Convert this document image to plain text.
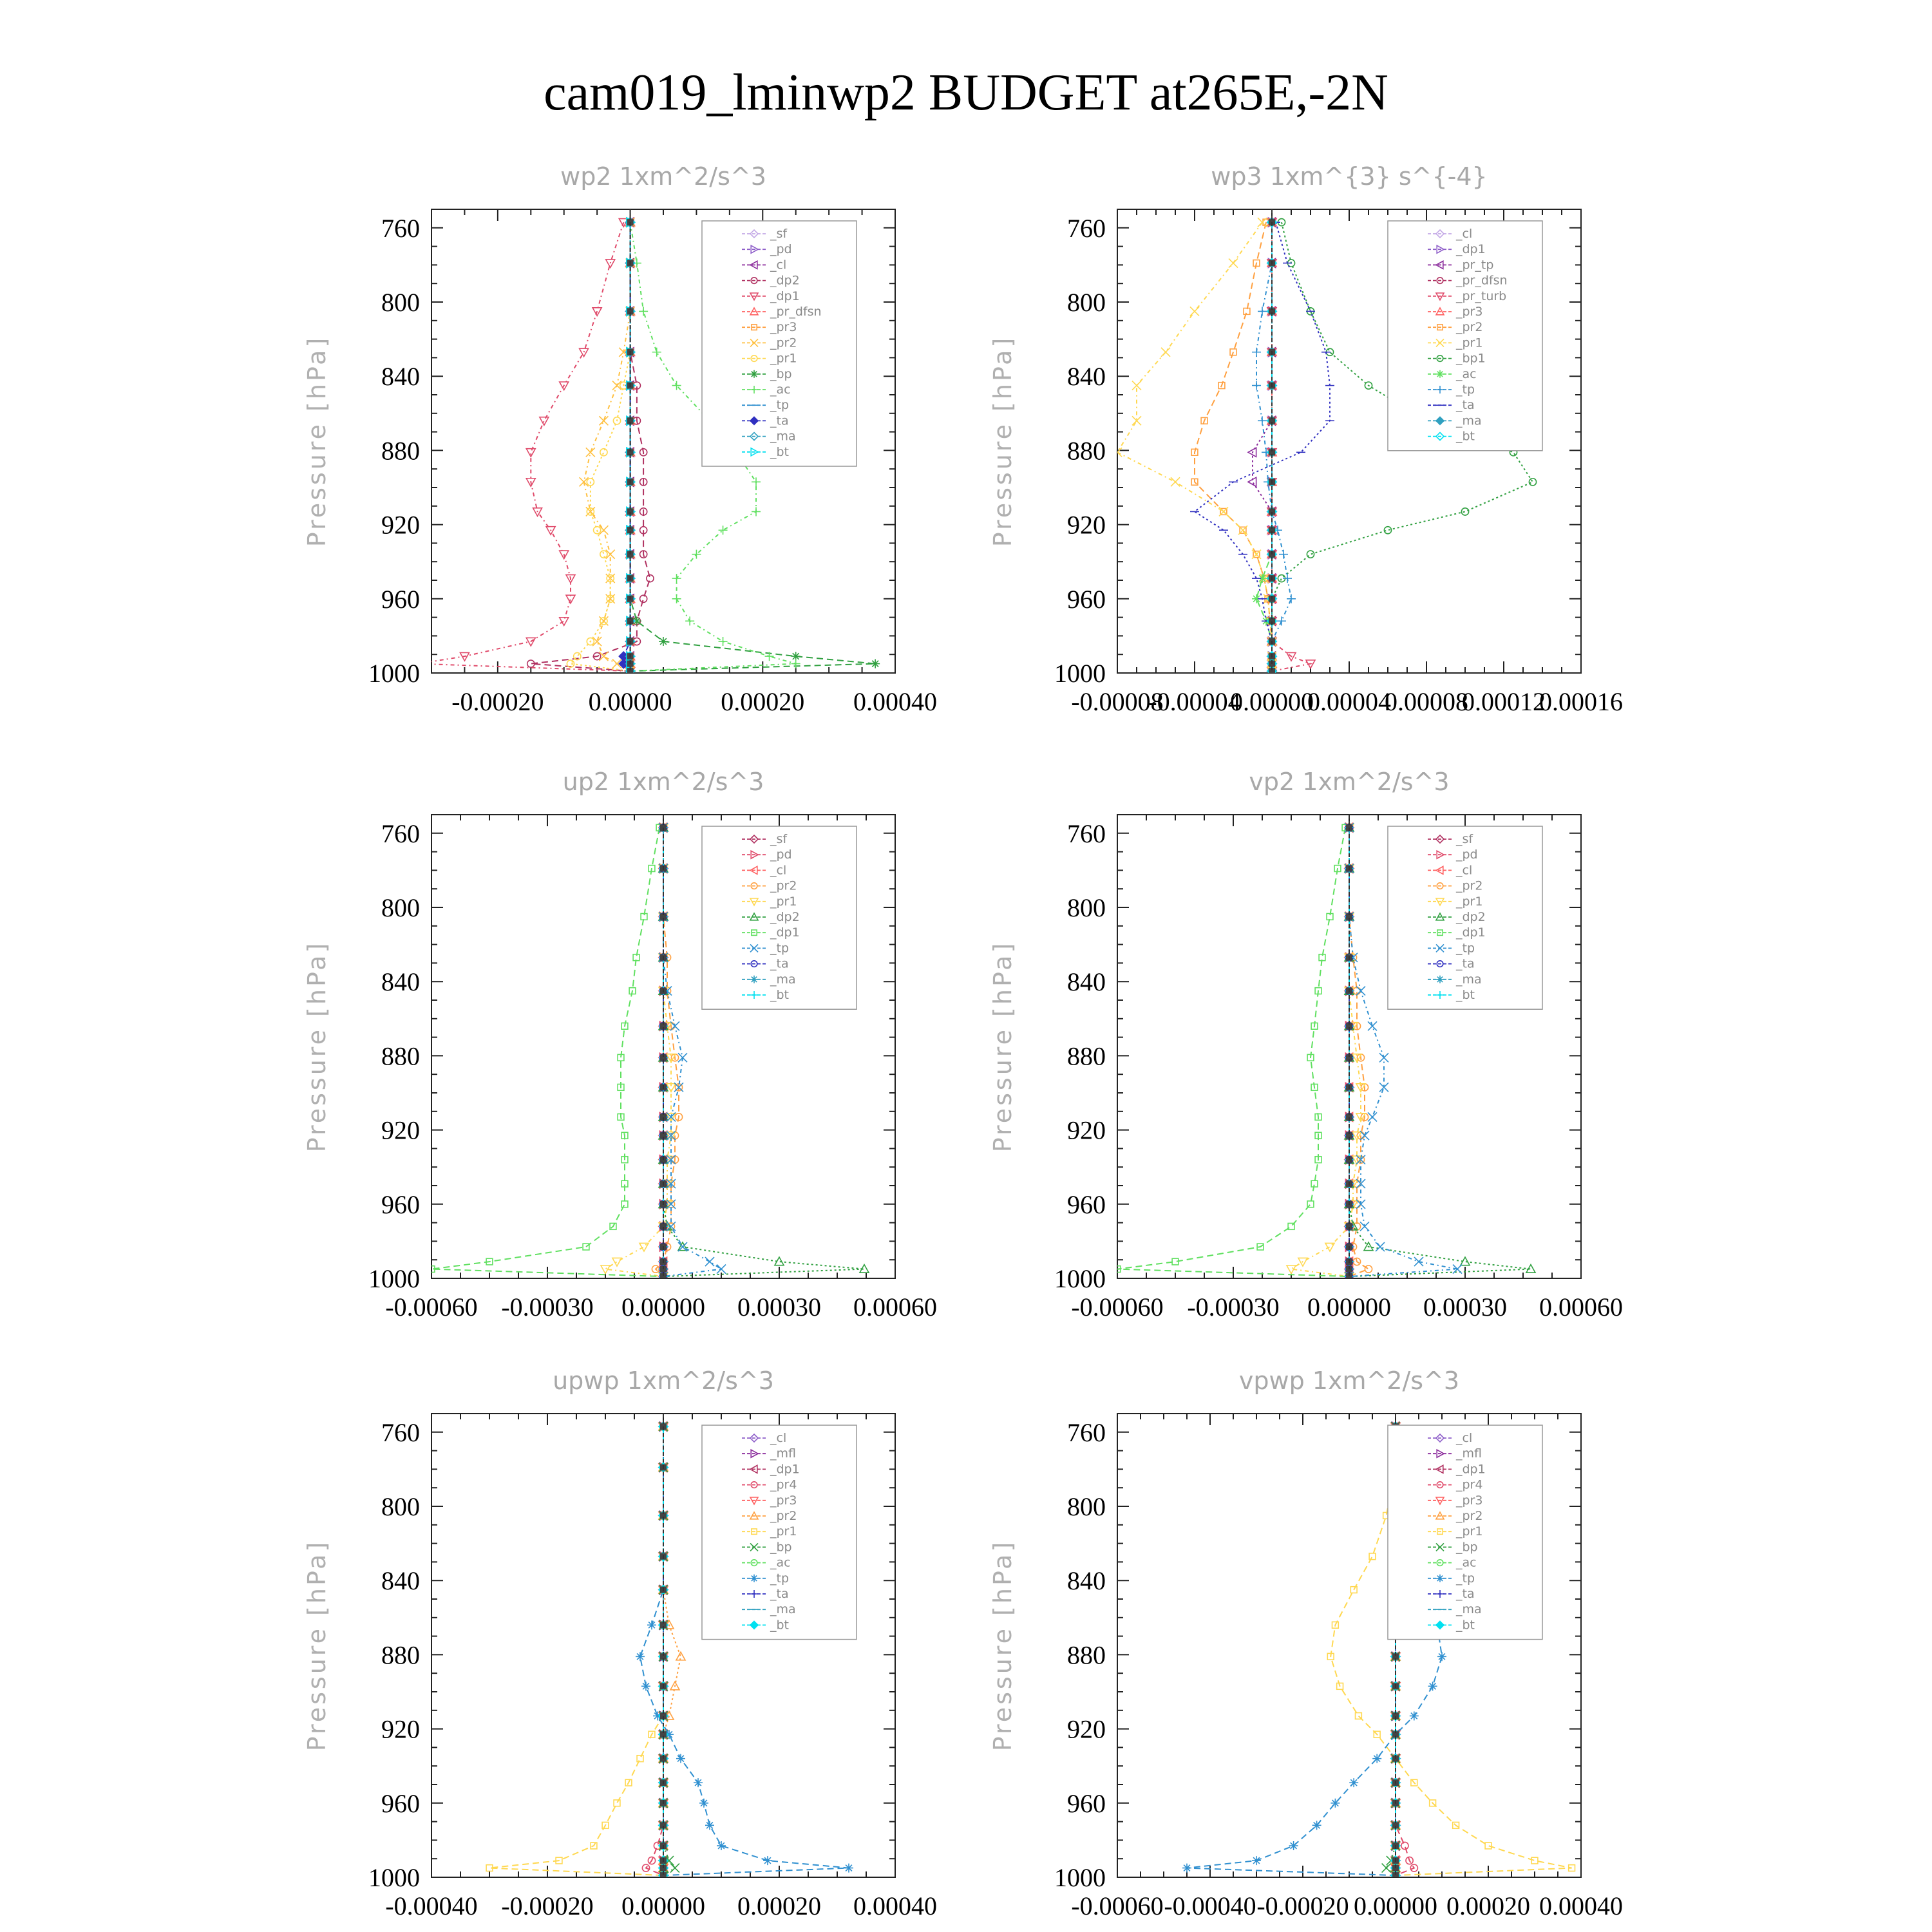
cam019_lminwp2 BUDGET at265E,-2N
wp2 1xm^2/s^3
Pressure [hPa]
760
800
840
880
920
960
1000
-0.00020 0.00000 0.00020 0.00040
_sf
_pd
_cl
_dp2
_dp1
_pr_dfsn
_pr3
_pr2
_pr1
_bp
_ac
_tp
_ta
_ma
_bt
wp3 1xm^{3} s^{-4}
Pressure [hPa]
760
800
840
880
920
960
1000
-0.00008
-0.00004
0.00000
0.00004
0.00008
0.00012
0.00016
_cl
_dp1
_pr_tp
_pr_dfsn
_pr_turb
_pr3
_pr2
_pr1
_bp1
_ac
_tp
_ta
_ma
_bt
up2 1xm^2/s^3
Pressure [hPa]
760
800
840
880
920
960
1000
-0.00060 -0.00030 0.00000 0.00030 0.00060
_sf
_pd
_cl
_pr2
_pr1
_dp2
_dp1
_tp
_ta
_ma
_bt
vp2 1xm^2/s^3
Pressure [hPa]
760
800
840
880
920
960
1000
-0.00060 -0.00030 0.00000 0.00030 0.00060
_sf
_pd
_cl
_pr2
_pr1
_dp2
_dp1
_tp
_ta
_ma
_bt
upwp 1xm^2/s^3
Pressure [hPa]
760
800
840
880
920
960
1000
-0.00040 -0.00020 0.00000 0.00020 0.00040
_cl
_mfl
_dp1
_pr4
_pr3
_pr2
_pr1
_bp
_ac
_tp
_ta
_ma
_bt
vpwp 1xm^2/s^3
Pressure [hPa]
760
800
840
880
920
960
1000
-0.00060 -0.00040 -0.00020 0.00000 0.00020 0.00040
_cl
_mfl
_dp1
_pr4
_pr3
_pr2
_pr1
_bp
_ac
_tp
_ta
_ma
_bt
